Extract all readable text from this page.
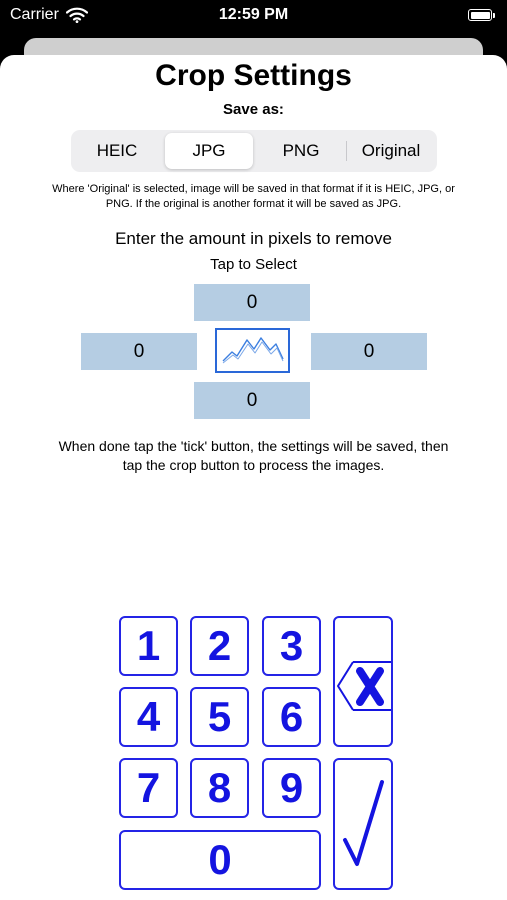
Carrier	12:59 PM
Crop Settings
Save as:
HEIC	JPG	PNG	Original
Where 'Original' is selected, image will be saved in that format if it is HEIC, JPG, or PNG. If the original is another format it will be saved as JPG.
Enter the amount in pixels to remove
Tap to Select
0
0	0
0
When done tap the 'tick' button, the settings will be saved, then tap the crop button to process the images.
1	2	3
4	5	6
7	8	9
0
